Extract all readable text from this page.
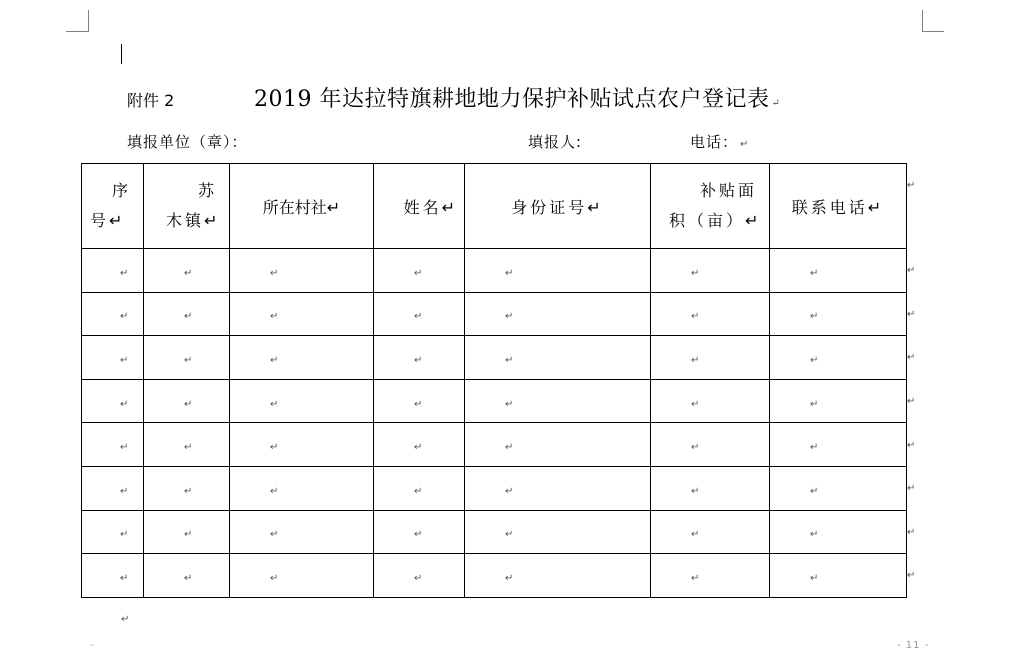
附件 2	2019 年达拉特旗耕地地力保护补贴试点农户登记表 ↵
填报单位（章）：	填报人:	电话： ↵
序
号↵	苏
木镇↵	所在村社↵	姓名↵	身份证号↵	补贴面
积（亩）↵	联系电话↵
↵	↵	↵	↵	↵	↵	↵
↵	↵	↵	↵	↵	↵	↵
↵	↵	↵	↵	↵	↵	↵
↵	↵	↵	↵	↵	↵	↵
↵	↵	↵	↵	↵	↵	↵
↵	↵	↵	↵	↵	↵	↵
↵	↵	↵	↵	↵	↵	↵
↵	↵	↵	↵	↵	↵	↵
↵
↵
↵
↵
↵
↵
↵
↵
↵
↵
··	- 11 -
